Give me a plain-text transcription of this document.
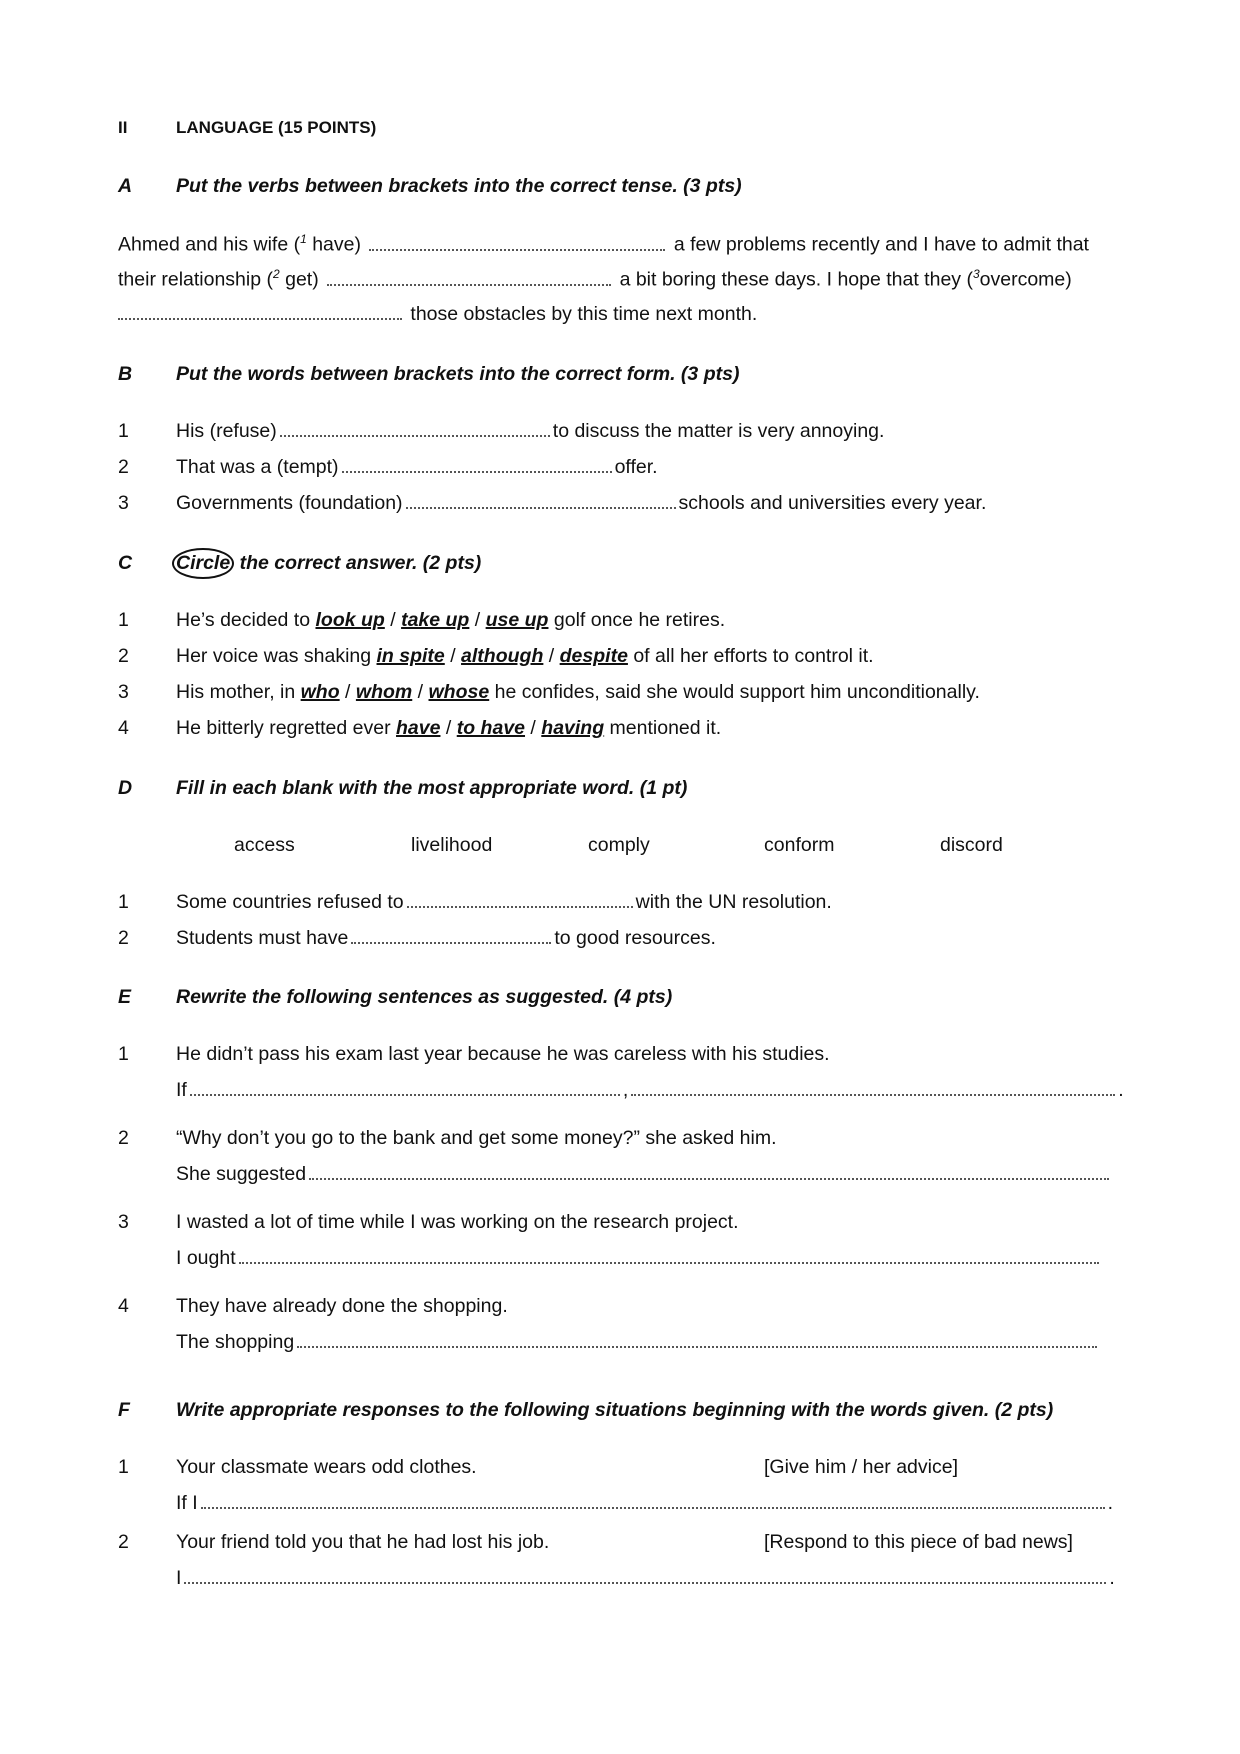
II	LANGUAGE (15 POINTS)
A Put the verbs between brackets into the correct tense. (3 pts)
Ahmed and his wife ($^1$ have)	a few problems recently and I have to admit that
their relationship ($^2$ get)	a bit boring these days. I hope that they ($^3$overcome)
those obstacles by this time next month.
B Put the words between brackets into the correct form. (3 pts)
1 His (refuse)	to discuss the matter is very annoying.
2 That was a (tempt)	offer.
3 Governments (foundation)	schools and universities every year.
C Circle the correct answer. (2 pts)
1 He’s decided to look up / take up / use up golf once he retires.
2 Her voice was shaking in spite / although / despite of all her efforts to control it.
3 His mother, in who / whom / whose he confides, said she would support him unconditionally.
4 He bitterly regretted ever have / to have / having mentioned it.
D Fill in each blank with the most appropriate word. (1 pt)
access	livelihood	comply	conform	discord
1 Some countries refused to	with the UN resolution.
2 Students must have	to good resources.
E Rewrite the following sentences as suggested. (4 pts)
1 He didn’t pass his exam last year because he was careless with his studies.
If	,	.
2 “Why don’t you go to the bank and get some money?” she asked him.
She suggested
3 I wasted a lot of time while I was working on the research project.
I ought
4 They have already done the shopping.
The shopping
F Write appropriate responses to the following situations beginning with the words given. (2 pts)
1 Your classmate wears odd clothes.	[Give him / her advice]
If I	.
2 Your friend told you that he had lost his job.	[Respond to this piece of bad news]
I	.
